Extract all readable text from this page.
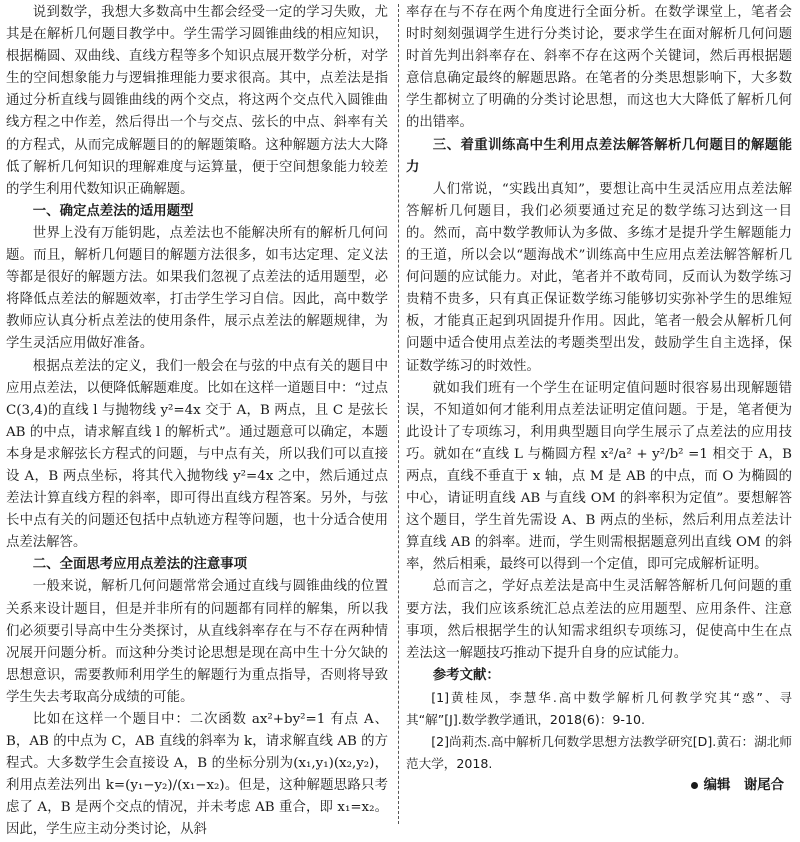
说到数学，我想大多数高中生都会经受一定的学习失败，尤其是在解析几何题目教学中。学生需学习圆锥曲线的相应知识，根据椭圆、双曲线、直线方程等多个知识点展开数学分析，对学生的空间想象能力与逻辑推理能力要求很高。其中，点差法是指通过分析直线与圆锥曲线的两个交点，将这两个交点代入圆锥曲线方程之中作差，然后得出一个与交点、弦长的中点、斜率有关的方程式，从而完成解题目的的解题策略。这种解题方法大大降低了解析几何知识的理解难度与运算量，便于空间想象能力较差的学生利用代数知识正确解题。

一、确定点差法的适用题型

世界上没有万能钥匙，点差法也不能解决所有的解析几何问题。而且，解析几何题目的解题方法很多，如韦达定理、定义法等都是很好的解题方法。如果我们忽视了点差法的适用题型，必将降低点差法的解题效率，打击学生学习自信。因此，高中数学教师应认真分析点差法的使用条件，展示点差法的解题规律，为学生灵活应用做好准备。

根据点差法的定义，我们一般会在与弦的中点有关的题目中应用点差法，以便降低解题难度。比如在这样一道题目中：“过点C(3,4)的直线 l 与抛物线 y²=4x 交于 A，B 两点，且 C 是弦长 AB 的中点，请求解直线 l 的解析式”。通过题意可以确定，本题本身是求解弦长方程式的问题，与中点有关，所以我们可以直接设 A，B 两点坐标，将其代入抛物线 y²=4x 之中，然后通过点差法计算直线方程的斜率，即可得出直线方程答案。另外，与弦长中点有关的问题还包括中点轨迹方程等问题，也十分适合使用点差法解答。

二、全面思考应用点差法的注意事项

一般来说，解析几何问题常常会通过直线与圆锥曲线的位置关系来设计题目，但是并非所有的问题都有同样的解集，所以我们必须要引导高中生分类探讨，从直线斜率存在与不存在两种情况展开问题分析。而这种分类讨论思想是现在高中生十分欠缺的思想意识，需要教师利用学生的解题行为重点指导，否则将导致学生失去考取高分成绩的可能。

比如在这样一个题目中：二次函数 ax²+by²=1 有点 A、B，AB 的中点为 C，AB 直线的斜率为 k，请求解直线 AB 的方程式。大多数学生会直接设 A，B 的坐标分别为(x₁,y₁)(x₂,y₂)，利用点差法列出 k=(y₁−y₂)/(x₁−x₂)。但是，这种解题思路只考虑了 A，B 是两个交点的情况，并未考虑 AB 重合，即 x₁=x₂。因此，学生应主动分类讨论，从斜

率存在与不存在两个角度进行全面分析。在数学课堂上，笔者会时时刻刻强调学生进行分类讨论，要求学生在面对解析几何问题时首先判出斜率存在、斜率不存在这两个关键词，然后再根据题意信息确定最终的解题思路。在笔者的分类思想影响下，大多数学生都树立了明确的分类讨论思想，而这也大大降低了解析几何的出错率。

三、着重训练高中生利用点差法解答解析几何题目的解题能力

人们常说，“实践出真知”，要想让高中生灵活应用点差法解答解析几何题目，我们必须要通过充足的数学练习达到这一目的。然而，高中数学教师认为多做、多练才是提升学生解题能力的王道，所以会以“题海战术”训练高中生应用点差法解答解析几何问题的应试能力。对此，笔者并不敢苟同，反而认为数学练习贵精不贵多，只有真正保证数学练习能够切实弥补学生的思维短板，才能真正起到巩固提升作用。因此，笔者一般会从解析几何问题中适合使用点差法的考题类型出发，鼓励学生自主选择，保证数学练习的时效性。

就如我们班有一个学生在证明定值问题时很容易出现解题错误，不知道如何才能利用点差法证明定值问题。于是，笔者便为此设计了专项练习，利用典型题目向学生展示了点差法的应用技巧。就如在“直线 L 与椭圆方程 x²/a² + y²/b² =1 相交于 A，B 两点，直线不垂直于 x 轴，点 M 是 AB 的中点，而 O 为椭圆的中心，请证明直线 AB 与直线 OM 的斜率积为定值”。要想解答这个题目，学生首先需设 A、B 两点的坐标，然后利用点差法计算直线 AB 的斜率。进而，学生则需根据题意列出直线 OM 的斜率，然后相乘，最终可以得到一个定值，即可完成解析证明。

总而言之，学好点差法是高中生灵活解答解析几何问题的重要方法，我们应该系统汇总点差法的应用题型、应用条件、注意事项，然后根据学生的认知需求组织专项练习，促使高中生在点差法这一解题技巧推动下提升自身的应试能力。

参考文献：

[1]黄桂凤，李慧华.高中数学解析几何教学究其“惑”、寻其“解”[J].数学教学通讯，2018(6)：9-10.

[2]尚莉杰.高中解析几何数学思想方法教学研究[D].黄石：湖北师范大学，2018.

编辑　谢尾合
